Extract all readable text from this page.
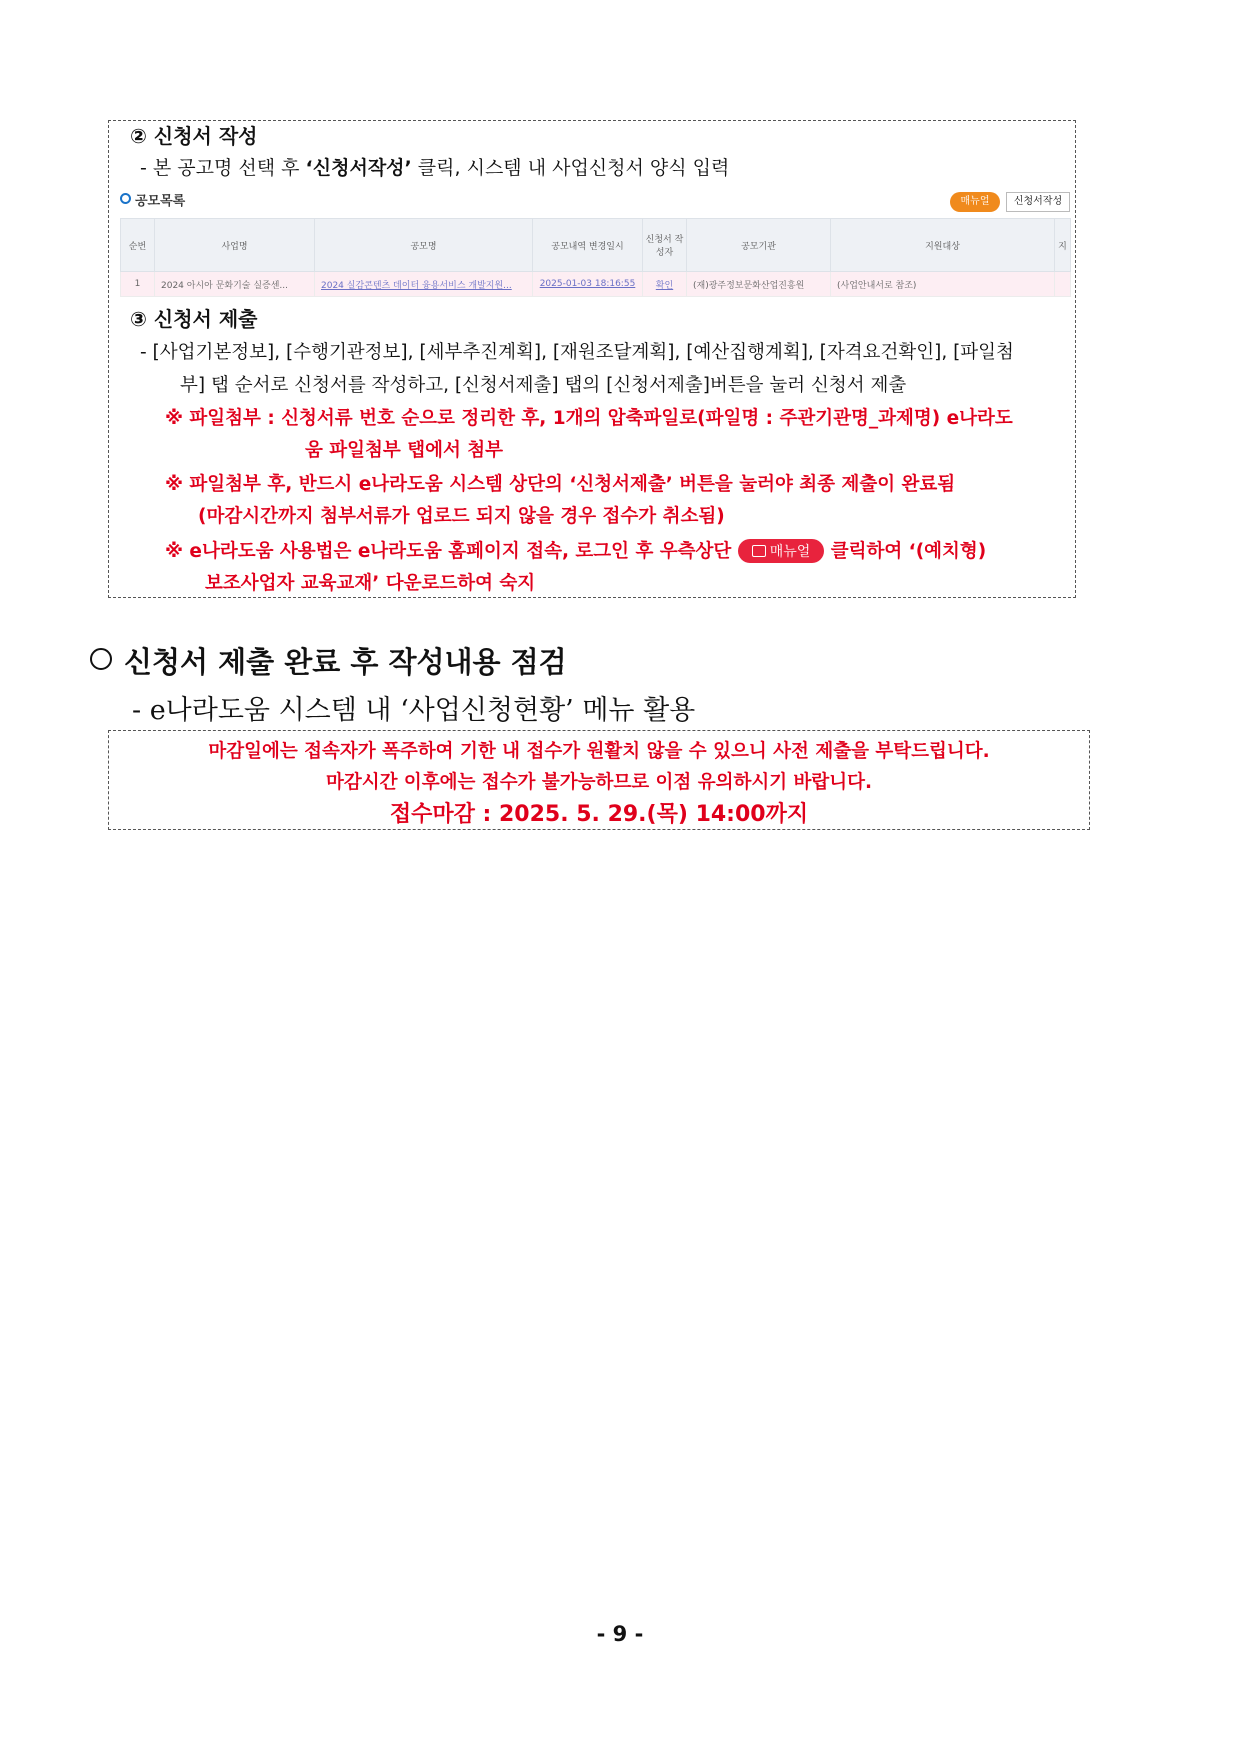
② 신청서 작성
- 본 공고명 선택 후 ‘신청서작성’ 클릭, 시스템 내 사업신청서 양식 입력
공모목록	매뉴얼	신청서작성
순번	사업명	공모명	공모내역 변경일시	신청서 작성자	공모기관	지원대상	지
1	2024 아시아 문화기술 실증센...	2024 실감콘텐츠 데이터 융용서비스 개발지원...	2025-01-03 18:16:55	확인	(재)광주정보문화산업진흥원	(사업안내서로 참조)	
③ 신청서 제출
- [사업기본정보], [수행기관정보], [세부추진계획], [재원조달계획], [예산집행계획], [자격요건확인], [파일첨
부] 탭 순서로 신청서를 작성하고, [신청서제출] 탭의 [신청서제출]버튼을 눌러 신청서 제출
※ 파일첨부 : 신청서류 번호 순으로 정리한 후, 1개의 압축파일로(파일명 : 주관기관명_과제명) e나라도
움 파일첨부 탭에서 첨부
※ 파일첨부 후, 반드시 e나라도움 시스템 상단의 ‘신청서제출’ 버튼을 눌러야 최종 제출이 완료됨
(마감시간까지 첨부서류가 업로드 되지 않을 경우 접수가 취소됨)
※ e나라도움 사용법은 e나라도움 홈페이지 접속, 로그인 후 우측상단 매뉴얼 클릭하여 ‘(예치형)
보조사업자 교육교재’ 다운로드하여 숙지
신청서 제출 완료 후 작성내용 점검
- e나라도움 시스템 내 ‘사업신청현황’ 메뉴 활용
마감일에는 접속자가 폭주하여 기한 내 접수가 원활치 않을 수 있으니 사전 제출을 부탁드립니다.
마감시간 이후에는 접수가 불가능하므로 이점 유의하시기 바랍니다.
접수마감 : 2025. 5. 29.(목) 14:00까지
- 9 -
